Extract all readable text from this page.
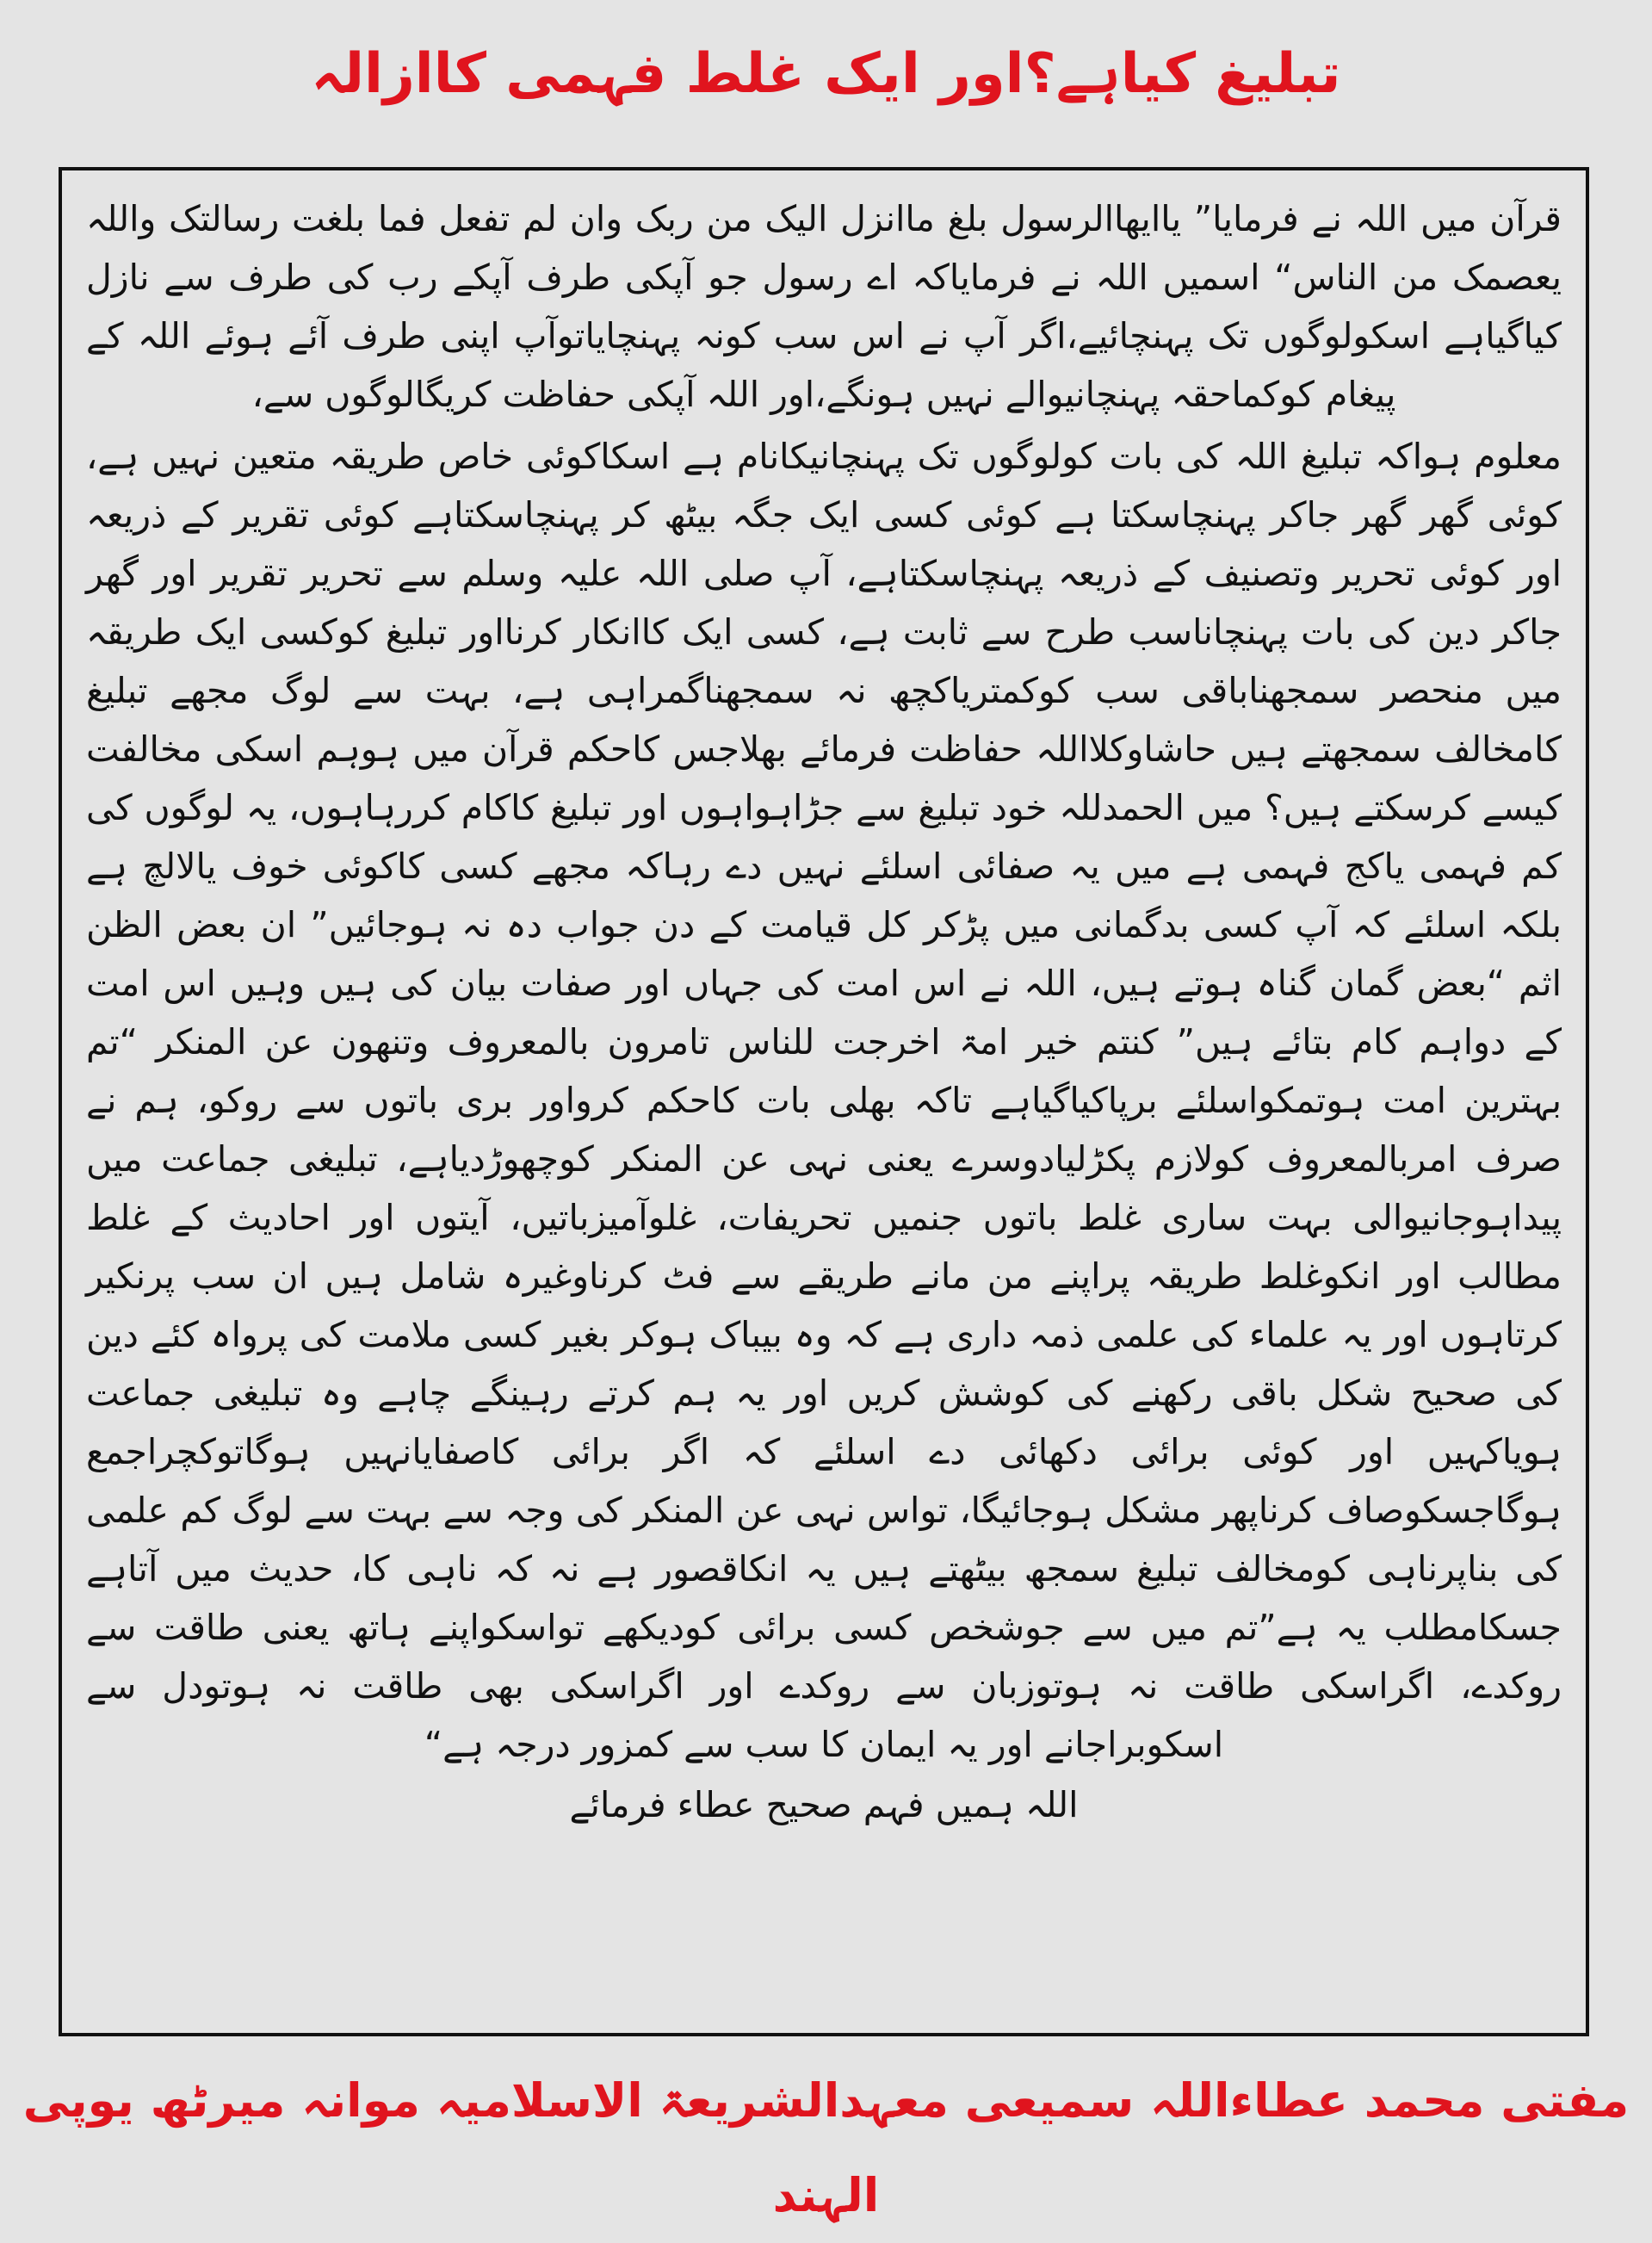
تبلیغ کیاہے؟اور ایک غلط فہمی کاازالہ

قرآن میں اللہ نے فرمایا” یاایھاالرسول بلغ ماانزل الیک من ربک وان لم تفعل فما بلغت رسالتک واللہ یعصمک من الناس“ اسمیں اللہ نے فرمایاکہ اے رسول جو آپکی طرف آپکے رب کی طرف سے نازل کیاگیاہے اسکولوگوں تک پہنچائیے،اگر آپ نے اس سب کونہ پہنچایاتوآپ اپنی طرف آئے ہوئے اللہ کے پیغام کوکماحقہ پہنچانیوالے نہیں ہونگے،اور اللہ آپکی حفاظت کریگالوگوں سے،

معلوم ہواکہ تبلیغ اللہ کی بات کولوگوں تک پہنچانیکانام ہے اسکاکوئی خاص طریقہ متعین نہیں ہے، کوئی گھر گھر جاکر پہنچاسکتا ہے کوئی کسی ایک جگہ بیٹھ کر پہنچاسکتاہے کوئی تقریر کے ذریعہ اور کوئی تحریر وتصنیف کے ذریعہ پہنچاسکتاہے، آپ صلی اللہ علیہ وسلم سے تحریر تقریر اور گھر جاکر دین کی بات پہنچاناسب طرح سے ثابت ہے، کسی ایک کاانکار کرنااور تبلیغ کوکسی ایک طریقہ میں منحصر سمجھناباقی سب کوکمتریاکچھ نہ سمجھناگمراہی ہے، بہت سے لوگ مجھے تبلیغ کامخالف سمجھتے ہیں حاشاوکلااللہ حفاظت فرمائے بھلاجس کاحکم قرآن میں ہوہم اسکی مخالفت کیسے کرسکتے ہیں؟ میں الحمدللہ خود تبلیغ سے جڑاہواہوں اور تبلیغ کاکام کررہاہوں، یہ لوگوں کی کم فہمی یاکج فہمی ہے میں یہ صفائی اسلئے نہیں دے رہاکہ مجھے کسی کاکوئی خوف یالالچ ہے بلکہ اسلئے کہ آپ کسی بدگمانی میں پڑکر کل قیامت کے دن جواب دہ نہ ہوجائیں” ان بعض الظن اثم “بعض گمان گناہ ہوتے ہیں، اللہ نے اس امت کی جہاں اور صفات بیان کی ہیں وہیں اس امت کے دواہم کام بتائے ہیں” کنتم خیر امۃ اخرجت للناس تامرون بالمعروف وتنھون عن المنکر “تم بہترین امت ہوتمکواسلئے برپاکیاگیاہے تاکہ بھلی بات کاحکم کرواور بری باتوں سے روکو، ہم نے صرف امربالمعروف کولازم پکڑلیادوسرے یعنی نہی عن المنکر کوچھوڑدیاہے، تبلیغی جماعت میں پیداہوجانیوالی بہت ساری غلط باتوں جنمیں تحریفات، غلوآمیزباتیں، آیتوں اور احادیث کے غلط مطالب اور انکوغلط طریقہ پراپنے من مانے طریقے سے فٹ کرناوغیرہ شامل ہیں ان سب پرنکیر کرتاہوں اور یہ علماء کی علمی ذمہ داری ہے کہ وہ بیباک ہوکر بغیر کسی ملامت کی پرواہ کئے دین کی صحیح شکل باقی رکھنے کی کوشش کریں اور یہ ہم کرتے رہینگے چاہے وہ تبلیغی جماعت ہویاکہیں اور کوئی برائی دکھائی دے اسلئے کہ اگر برائی کاصفایانہیں ہوگاتوکچراجمع ہوگاجسکوصاف کرناپھر مشکل ہوجائیگا، تواس نہی عن المنکر کی وجہ سے بہت سے لوگ کم علمی کی بناپرناہی کومخالف تبلیغ سمجھ بیٹھتے ہیں یہ انکاقصور ہے نہ کہ ناہی کا، حدیث میں آتاہے جسکامطلب یہ ہے”تم میں سے جوشخص کسی برائی کودیکھے تواسکواپنے ہاتھ یعنی طاقت سے روکدے، اگراسکی طاقت نہ ہوتوزبان سے روکدے اور اگراسکی بھی طاقت نہ ہوتودل سے اسکوبراجانے اور یہ ایمان کا سب سے کمزور درجہ ہے“

اللہ ہمیں فہم صحیح عطاء فرمائے
مفتی محمد عطاءاللہ سمیعی معہدالشریعۃ الاسلامیہ موانہ میرٹھ یوپی الہند
